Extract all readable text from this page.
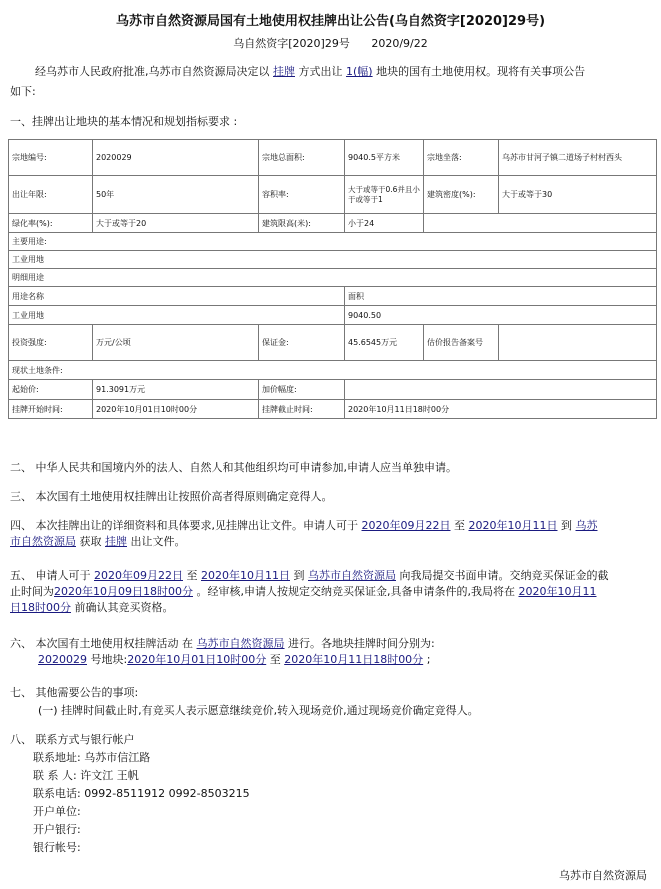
乌苏市自然资源局国有土地使用权挂牌出让公告(乌自然资字[2020]29号)
乌自然资字[2020]29号 2020/9/22
经乌苏市人民政府批准,乌苏市自然资源局决定以 挂牌 方式出让 1(幅) 地块的国有土地使用权。现将有关事项公告
如下:
一、挂牌出让地块的基本情况和规划指标要求 :
宗地编号:	2020029	宗地总面积:	9040.5平方米	宗地坐落:	乌苏市甘河子镇二道场子村村西头
出让年限:	50年	容积率:	大于或等于0.6并且小于或等于1	建筑密度(%):	大于或等于30
绿化率(%):	大于或等于20	建筑限高(米):	小于24		
主要用途:					
工业用地					
明细用途					
用途名称			面积		
工业用地			9040.50		
投资强度:	万元/公顷	保证金:	45.6545万元	估价报告备案号	
现状土地条件:					
起始价:	91.3091万元	加价幅度:			
挂牌开始时间:	2020年10月01日10时00分	挂牌截止时间:	2020年10月11日18时00分		
二、 中华人民共和国境内外的法人、自然人和其他组织均可申请参加,申请人应当单独申请。
三、 本次国有土地使用权挂牌出让按照价高者得原则确定竞得人。
四、 本次挂牌出让的详细资料和具体要求,见挂牌出让文件。申请人可于 2020年09月22日 至 2020年10月11日 到 乌苏
市自然资源局 获取 挂牌 出让文件。
五、 申请人可于 2020年09月22日 至 2020年10月11日 到 乌苏市自然资源局 向我局提交书面申请。交纳竞买保证金的截
止时间为2020年10月09日18时00分 。经审核,申请人按规定交纳竞买保证金,具备申请条件的,我局将在 2020年10月11
日18时00分 前确认其竞买资格。
六、 本次国有土地使用权挂牌活动 在 乌苏市自然资源局 进行。各地块挂牌时间分别为:
2020029 号地块:2020年10月01日10时00分 至 2020年10月11日18时00分 ;
七、 其他需要公告的事项:
(一) 挂牌时间截止时,有竞买人表示愿意继续竞价,转入现场竞价,通过现场竞价确定竞得人。
八、 联系方式与银行帐户
联系地址: 乌苏市信江路
联 系 人: 许文江 王帆
联系电话: 0992-8511912 0992-8503215
开户单位:
开户银行:
银行帐号:
乌苏市自然资源局
